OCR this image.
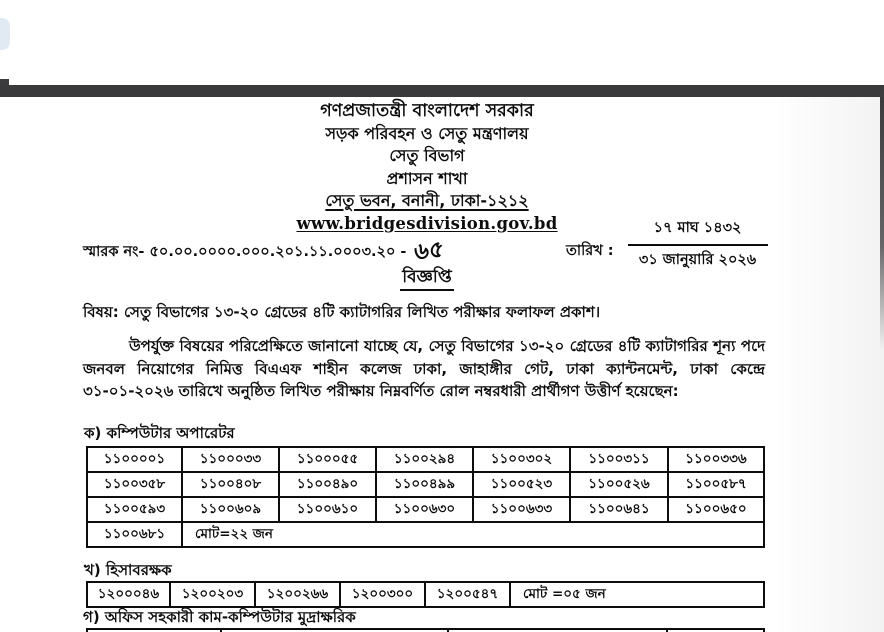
গণপ্রজাতন্ত্রী বাংলাদেশ সরকার
সড়ক পরিবহন ও সেতু মন্ত্রণালয়
সেতু বিভাগ
প্রশাসন শাখা
সেতু ভবন, বনানী, ঢাকা-১২১২
www.bridgesdivision.gov.bd
স্মারক নং- ৫০.০০.০০০০.০০০.২০১.১১.০০০৩.২০ - ৬৫	তারিখ : $\frac{\text{১৭ মাঘ ১৪৩২}}{\text{৩১ জানুয়ারি ২০২৬}}$
বিজ্ঞপ্তি
বিষয়: সেতু বিভাগের ১৩-২০ গ্রেডের ৪টি ক্যাটাগরির লিখিত পরীক্ষার ফলাফল প্রকাশ।
উপর্যুক্ত বিষয়ের পরিপ্রেক্ষিতে জানানো যাচ্ছে যে, সেতু বিভাগের ১৩-২০ গ্রেডের ৪টি ক্যাটাগরির শূন্য পদে জনবল নিয়োগের নিমিত্ত বিএএফ শাহীন কলেজ ঢাকা, জাহাঙ্গীর গেট, ঢাকা ক্যান্টনমেন্ট, ঢাকা কেন্দ্রে ৩১-০১-২০২৬ তারিখে অনুষ্ঠিত লিখিত পরীক্ষায় নিম্নবর্ণিত রোল নম্বরধারী প্রার্থীগণ উত্তীর্ণ হয়েছেন:
ক) কম্পিউটার অপারেটর
১১০০০০১	১১০০০৩৩	১১০০০৫৫	১১০০২৯৪	১১০০৩০২	১১০০৩১১	১১০০৩৩৬
১১০০৩৫৮	১১০০৪০৮	১১০০৪৯০	১১০০৪৯৯	১১০০৫২৩	১১০০৫২৬	১১০০৫৮৭
১১০০৫৯৩	১১০০৬০৯	১১০০৬১০	১১০০৬৩০	১১০০৬৩৩	১১০০৬৪১	১১০০৬৫০
১১০০৬৮১	মোট=২২ জন					
খ) হিসাবরক্ষক
১২০০০৪৬	১২০০২০৩	১২০০২৬৬	১২০০৩০০	১২০০৫৪৭	মোট =০৫ জন
গ) অফিস সহকারী কাম-কম্পিউটার মুদ্রাক্ষরিক
